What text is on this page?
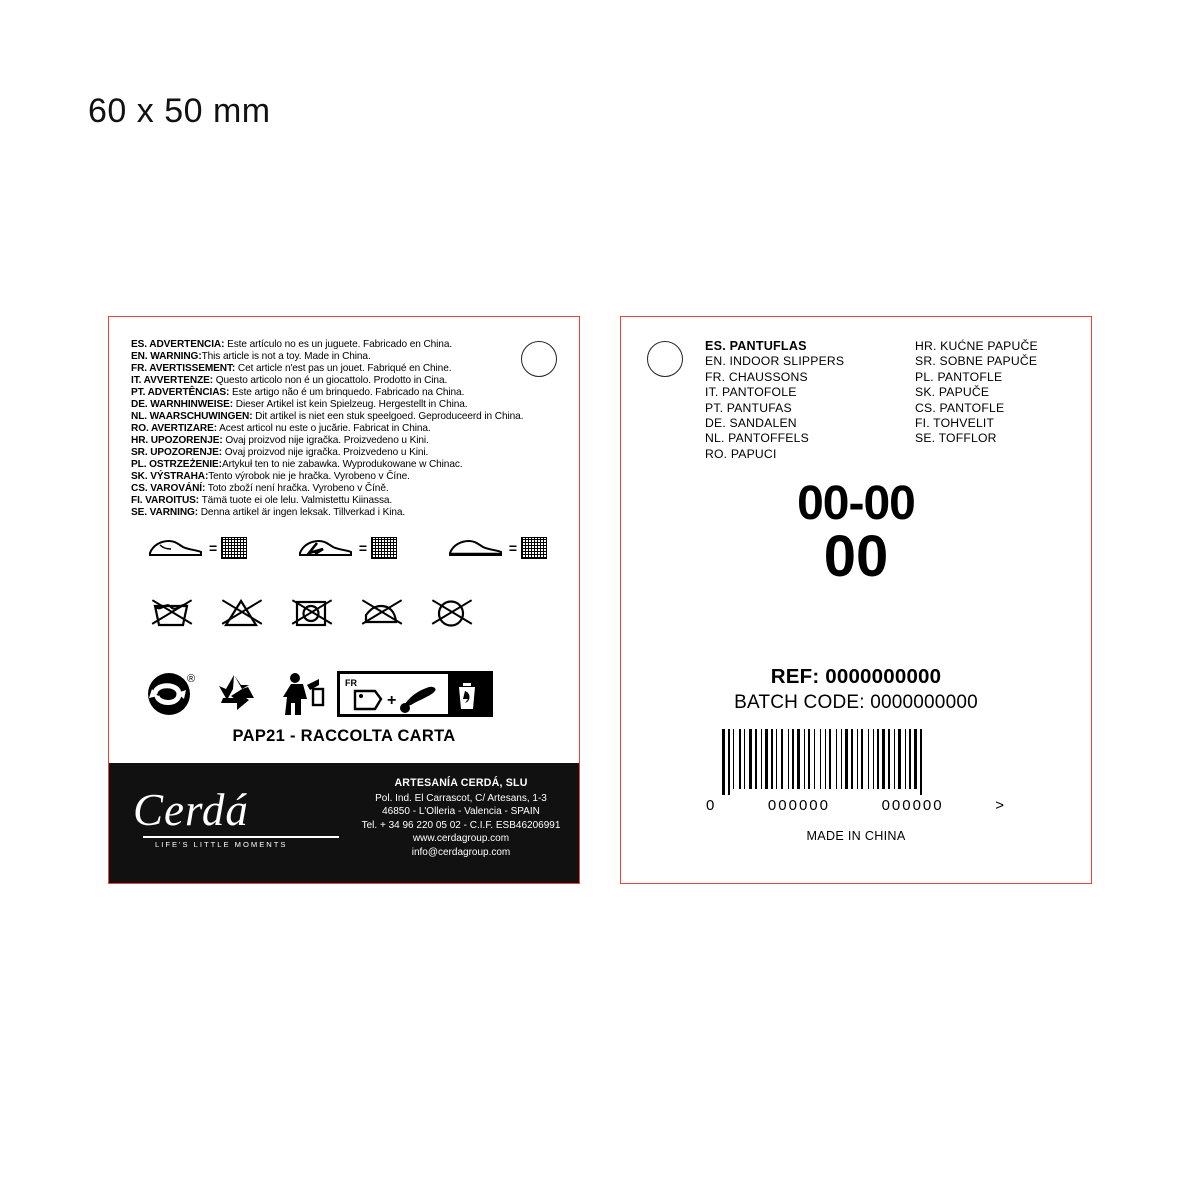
60 x 50 mm
ES. ADVERTENCIA: Este artículo no es un juguete. Fabricado en China.
EN. WARNING:This article is not a toy. Made in China.
FR. AVERTISSEMENT: Cet article n'est pas un jouet. Fabriqué en Chine.
IT. AVVERTENZE: Questo articolo non é un giocattolo. Prodotto in Cina.
PT. ADVERTÊNCIAS: Este artigo não é um brinquedo. Fabricado na China.
DE. WARNHINWEISE: Dieser Artikel ist kein Spielzeug. Hergestellt in China.
NL. WAARSCHUWINGEN: Dit artikel is niet een stuk speelgoed. Geproduceerd in China.
RO. AVERTIZARE: Acest articol nu este o jucărie. Fabricat in China.
HR. UPOZORENJE: Ovaj proizvod nije igračka. Proizvedeno u Kini.
SR. UPOZORENJE: Ovaj proizvod nije igračka. Proizvedeno u Kini.
PL. OSTRZEŻENIE:Artykuł ten to nie zabawka. Wyprodukowane w Chinac.
SK. VÝSTRAHA:Tento výrobok nie je hračka. Vyrobeno v Číne.
CS. VAROVÁNÍ: Toto zboží není hračka. Vyrobeno v Číně.
FI. VAROITUS: Tämä tuote ei ole lelu. Valmistettu Kiinassa.
SE. VARNING: Denna artikel är ingen leksak. Tillverkad i Kina.
=	=	=
®	FR
+
PAP21 - RACCOLTA CARTA
Cerdá
LIFE'S LITTLE MOMENTS
ARTESANÍA CERDÁ, SLU
Pol. Ind. El Carrascot, C/ Artesans, 1-3
46850 - L'Olleria - Valencia - SPAIN
Tel. + 34 96 220 05 02 - C.I.F. ESB46206991
www.cerdagroup.com
info@cerdagroup.com
ES. PANTUFLAS
EN. INDOOR SLIPPERS
FR. CHAUSSONS
IT. PANTOFOLE
PT. PANTUFAS
DE. SANDALEN
NL. PANTOFFELS
RO. PAPUCI
HR. KUĆNE PAPUČE
SR. SOBNE PAPUČE
PL. PANTOFLE
SK. PAPUČE
CS. PANTOFLE
FI. TOHVELIT
SE. TOFFLOR
00-00
00
REF: 0000000000
BATCH CODE: 0000000000
0	000000	000000	>
MADE IN CHINA
